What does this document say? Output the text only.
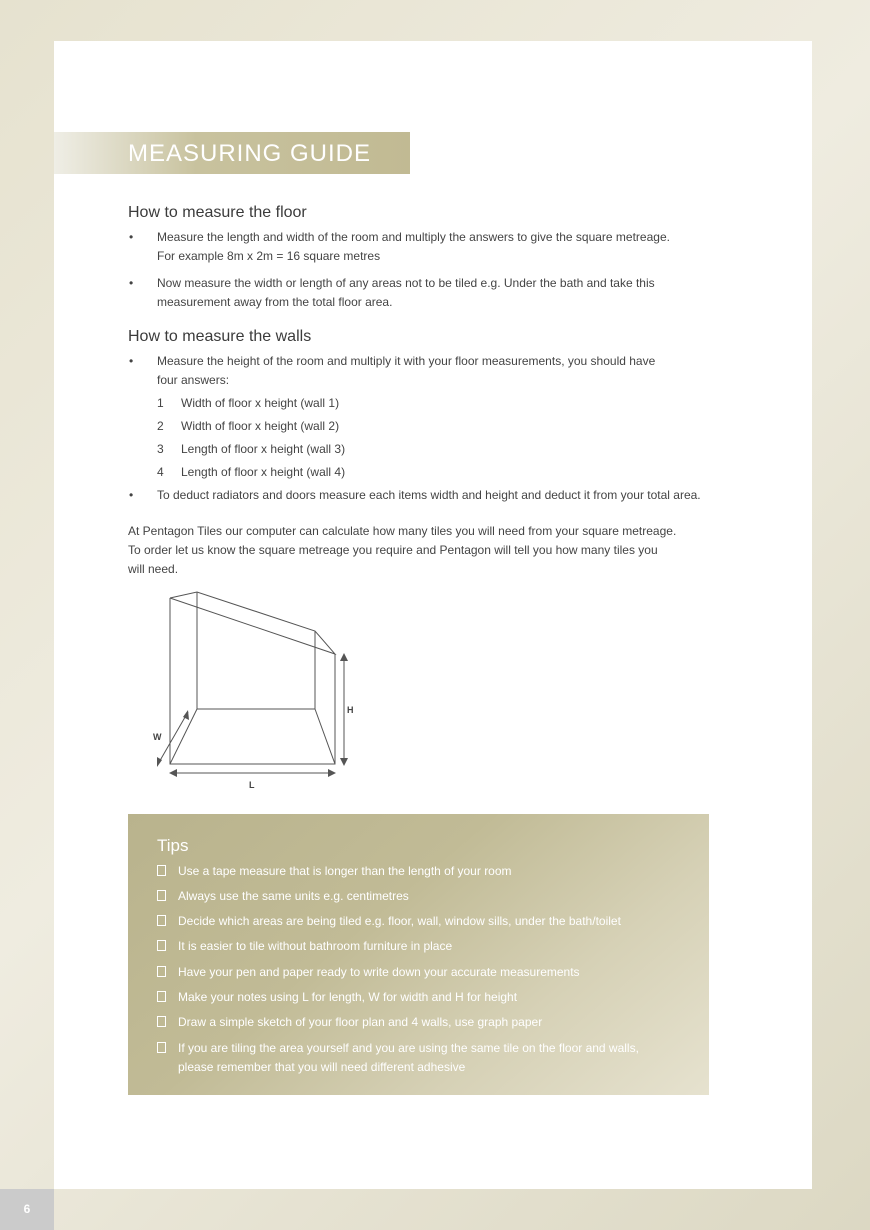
MEASURING GUIDE
How to measure the floor
• Measure the length and width of the room and multiply the answers to give the square metreage.
For example 8m x 2m = 16 square metres
• Now measure the width or length of any areas not to be tiled e.g. Under the bath and take this
measurement away from the total floor area.
How to measure the walls
• Measure the height of the room and multiply it with your floor measurements, you should have
four answers:
1 Width of floor x height (wall 1)
2 Width of floor x height (wall 2)
3 Length of floor x height (wall 3)
4 Length of floor x height (wall 4)
• To deduct radiators and doors measure each items width and height and deduct it from your total area.
At Pentagon Tiles our computer can calculate how many tiles you will need from your square metreage.
To order let us know the square metreage you require and Pentagon will tell you how many tiles you
will need.
W
H
L
Tips
Use a tape measure that is longer than the length of your room
Always use the same units e.g. centimetres
Decide which areas are being tiled e.g. floor, wall, window sills, under the bath/toilet
It is easier to tile without bathroom furniture in place
Have your pen and paper ready to write down your accurate measurements
Make your notes using L for length, W for width and H for height
Draw a simple sketch of your floor plan and 4 walls, use graph paper
If you are tiling the area yourself and you are using the same tile on the floor and walls,
please remember that you will need different adhesive
6
